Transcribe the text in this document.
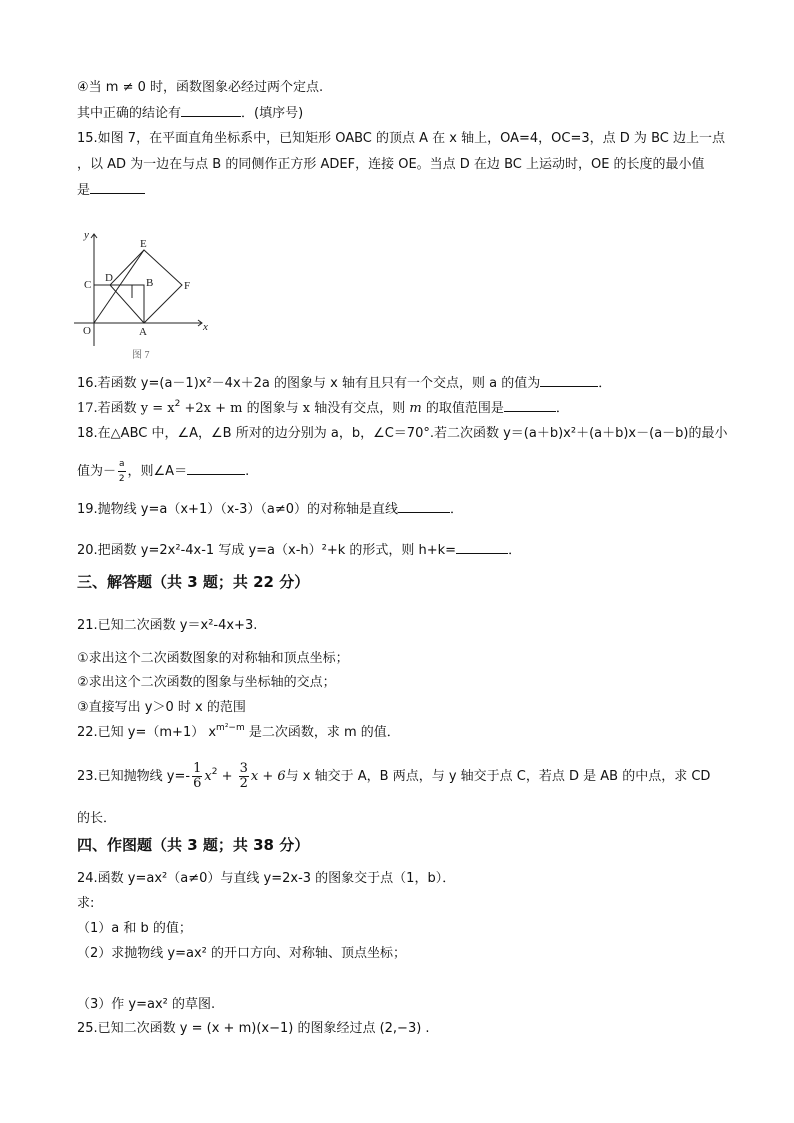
④当 m ≠ 0 时，函数图象必经过两个定点.
其中正确的结论有	．(填序号)
15.如图 7，在平面直角坐标系中，已知矩形 OABC 的顶点 A 在 x 轴上，OA=4，OC=3，点 D 为 BC 边上一点
，以 AD 为一边在与点 B 的同侧作正方形 ADEF，连接 OE。当点 D 在边 BC 上运动时，OE 的长度的最小值
是
y
x
O	A
B
C
D
E
F
图 7
16.若函数 y=(a－1)x²－4x＋2a 的图象与 x 轴有且只有一个交点，则 a 的值为	．
17.若函数 $y = x^2 +2x + m$ 的图象与 x 轴没有交点，则 m 的取值范围是	．
18.在△ABC 中，∠A，∠B 所对的边分别为 a，b，∠C＝70°.若二次函数 y＝(a＋b)x²＋(a＋b)x－(a－b)的最小
值为－ $\frac{a}{2}$ ，则∠A＝	.
19.抛物线 y=a（x+1）（x-3）（a≠0）的对称轴是直线	．
20.把函数 y=2x²-4x-1 写成 y=a（x-h）²+k 的形式，则 h+k=	．
三、解答题（共 3 题；共 22 分）
21.已知二次函数 y＝x²-4x+3.
①求出这个二次函数图象的对称轴和顶点坐标；
②求出这个二次函数的图象与坐标轴的交点；
③直接写出 y＞0 时 x 的范围
22.已知 y=（m+1） $x^{m^2-m}$ 是二次函数，求 m 的值．
23.已知抛物线 $y=- \frac{1}{6} x^2 + \frac{3}{2}$ x + 6与 x 轴交于 A，B 两点，与 y 轴交于点 C，若点 D 是 AB 的中点，求 CD
的长．
四、作图题（共 3 题；共 38 分）
24.函数 y=ax²（a≠0）与直线 y=2x-3 的图象交于点（1，b）．
求:
（1）a 和 b 的值；
（2）求抛物线 y=ax² 的开口方向、对称轴、顶点坐标；
（3）作 y=ax² 的草图.
25.已知二次函数 y = (x + m)(x−1) 的图象经过点 (2,−3) .
